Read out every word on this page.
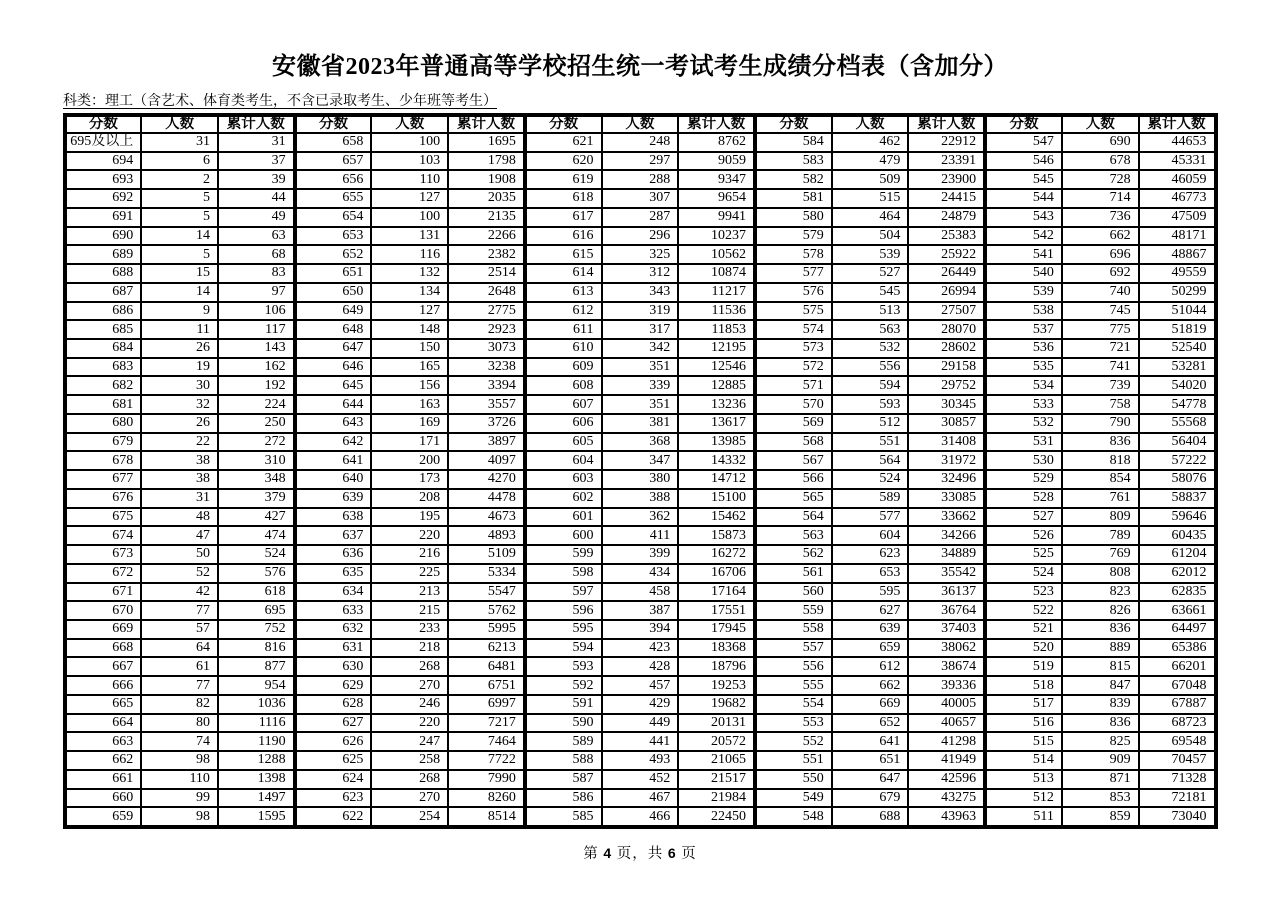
安徽省2023年普通高等学校招生统一考试考生成绩分档表（含加分）
科类：理工（含艺术、体育类考生，不含已录取考生、少年班等考生）
分数	人数	累计人数	分数	人数	累计人数	分数	人数	累计人数	分数	人数	累计人数	分数	人数	累计人数
695及以上	31	31	658	100	1695	621	248	8762	584	462	22912	547	690	44653
694	6	37	657	103	1798	620	297	9059	583	479	23391	546	678	45331
693	2	39	656	110	1908	619	288	9347	582	509	23900	545	728	46059
692	5	44	655	127	2035	618	307	9654	581	515	24415	544	714	46773
691	5	49	654	100	2135	617	287	9941	580	464	24879	543	736	47509
690	14	63	653	131	2266	616	296	10237	579	504	25383	542	662	48171
689	5	68	652	116	2382	615	325	10562	578	539	25922	541	696	48867
688	15	83	651	132	2514	614	312	10874	577	527	26449	540	692	49559
687	14	97	650	134	2648	613	343	11217	576	545	26994	539	740	50299
686	9	106	649	127	2775	612	319	11536	575	513	27507	538	745	51044
685	11	117	648	148	2923	611	317	11853	574	563	28070	537	775	51819
684	26	143	647	150	3073	610	342	12195	573	532	28602	536	721	52540
683	19	162	646	165	3238	609	351	12546	572	556	29158	535	741	53281
682	30	192	645	156	3394	608	339	12885	571	594	29752	534	739	54020
681	32	224	644	163	3557	607	351	13236	570	593	30345	533	758	54778
680	26	250	643	169	3726	606	381	13617	569	512	30857	532	790	55568
679	22	272	642	171	3897	605	368	13985	568	551	31408	531	836	56404
678	38	310	641	200	4097	604	347	14332	567	564	31972	530	818	57222
677	38	348	640	173	4270	603	380	14712	566	524	32496	529	854	58076
676	31	379	639	208	4478	602	388	15100	565	589	33085	528	761	58837
675	48	427	638	195	4673	601	362	15462	564	577	33662	527	809	59646
674	47	474	637	220	4893	600	411	15873	563	604	34266	526	789	60435
673	50	524	636	216	5109	599	399	16272	562	623	34889	525	769	61204
672	52	576	635	225	5334	598	434	16706	561	653	35542	524	808	62012
671	42	618	634	213	5547	597	458	17164	560	595	36137	523	823	62835
670	77	695	633	215	5762	596	387	17551	559	627	36764	522	826	63661
669	57	752	632	233	5995	595	394	17945	558	639	37403	521	836	64497
668	64	816	631	218	6213	594	423	18368	557	659	38062	520	889	65386
667	61	877	630	268	6481	593	428	18796	556	612	38674	519	815	66201
666	77	954	629	270	6751	592	457	19253	555	662	39336	518	847	67048
665	82	1036	628	246	6997	591	429	19682	554	669	40005	517	839	67887
664	80	1116	627	220	7217	590	449	20131	553	652	40657	516	836	68723
663	74	1190	626	247	7464	589	441	20572	552	641	41298	515	825	69548
662	98	1288	625	258	7722	588	493	21065	551	651	41949	514	909	70457
661	110	1398	624	268	7990	587	452	21517	550	647	42596	513	871	71328
660	99	1497	623	270	8260	586	467	21984	549	679	43275	512	853	72181
659	98	1595	622	254	8514	585	466	22450	548	688	43963	511	859	73040
第 4 页，共 6 页
